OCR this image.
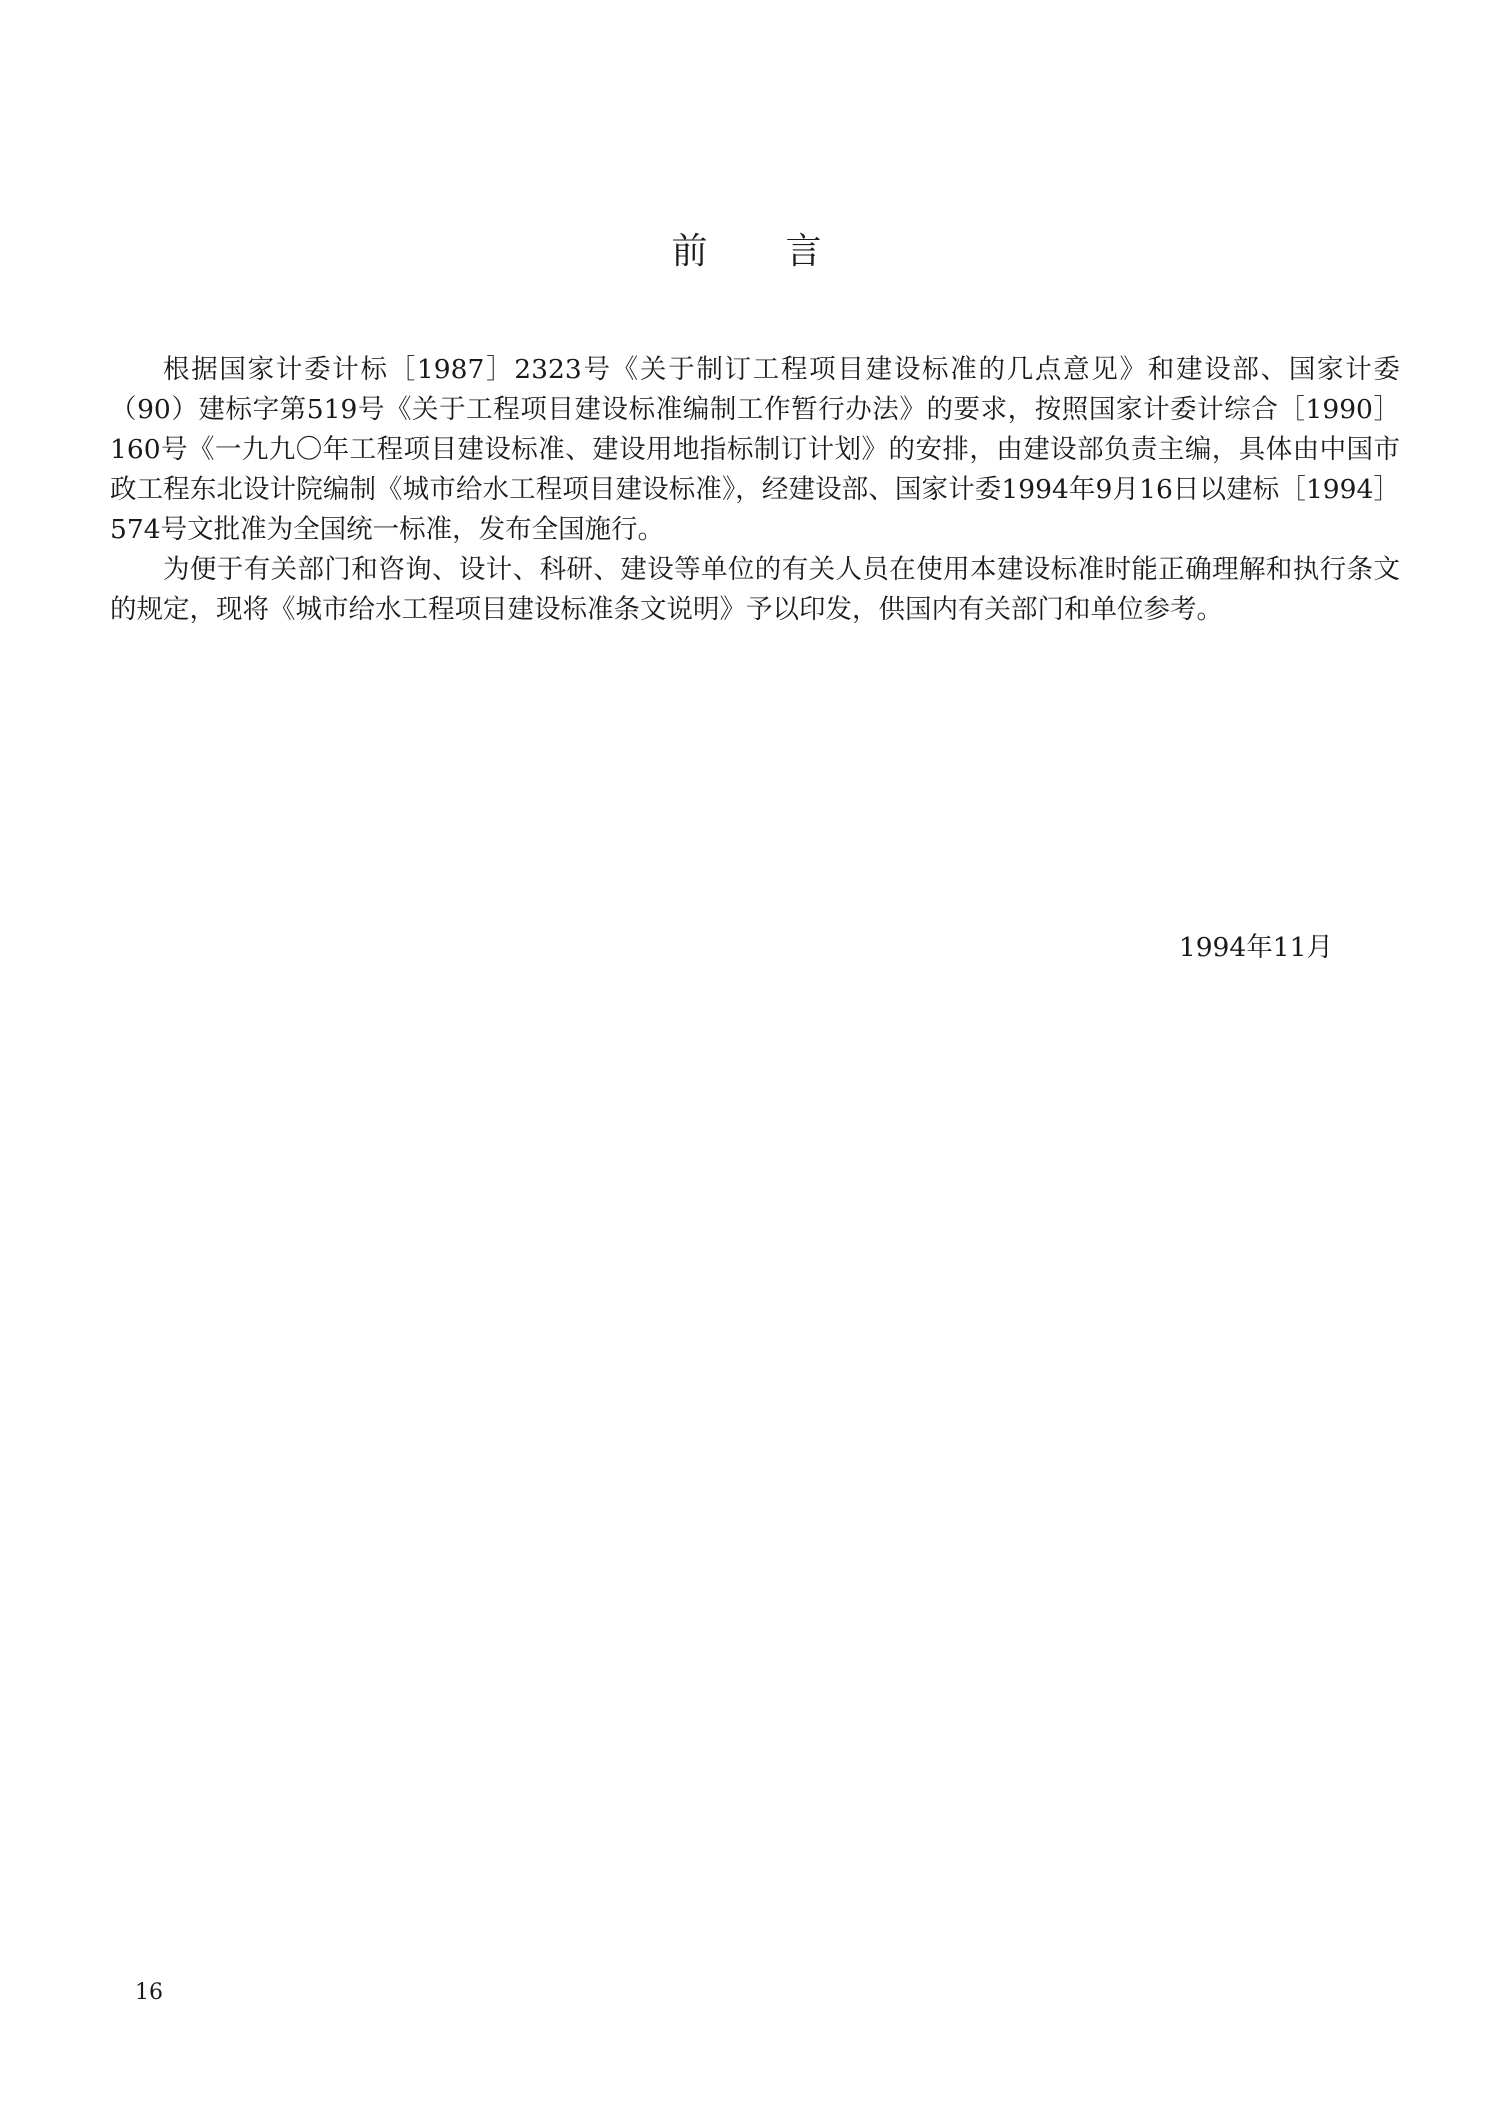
前言

根据国家计委计标［1987］2323号《关于制订工程项目建设标准的几点意见》和建设部、国家计委（90）建标字第519号《关于工程项目建设标准编制工作暂行办法》的要求，按照国家计委计综合［1990］160号《一九九〇年工程项目建设标准、建设用地指标制订计划》的安排，由建设部负责主编，具体由中国市政工程东北设计院编制《城市给水工程项目建设标准》，经建设部、国家计委1994年9月16日以建标［1994］574号文批准为全国统一标准，发布全国施行。

为便于有关部门和咨询、设计、科研、建设等单位的有关人员在使用本建设标准时能正确理解和执行条文的规定，现将《城市给水工程项目建设标准条文说明》予以印发，供国内有关部门和单位参考。

1994年11月

16
